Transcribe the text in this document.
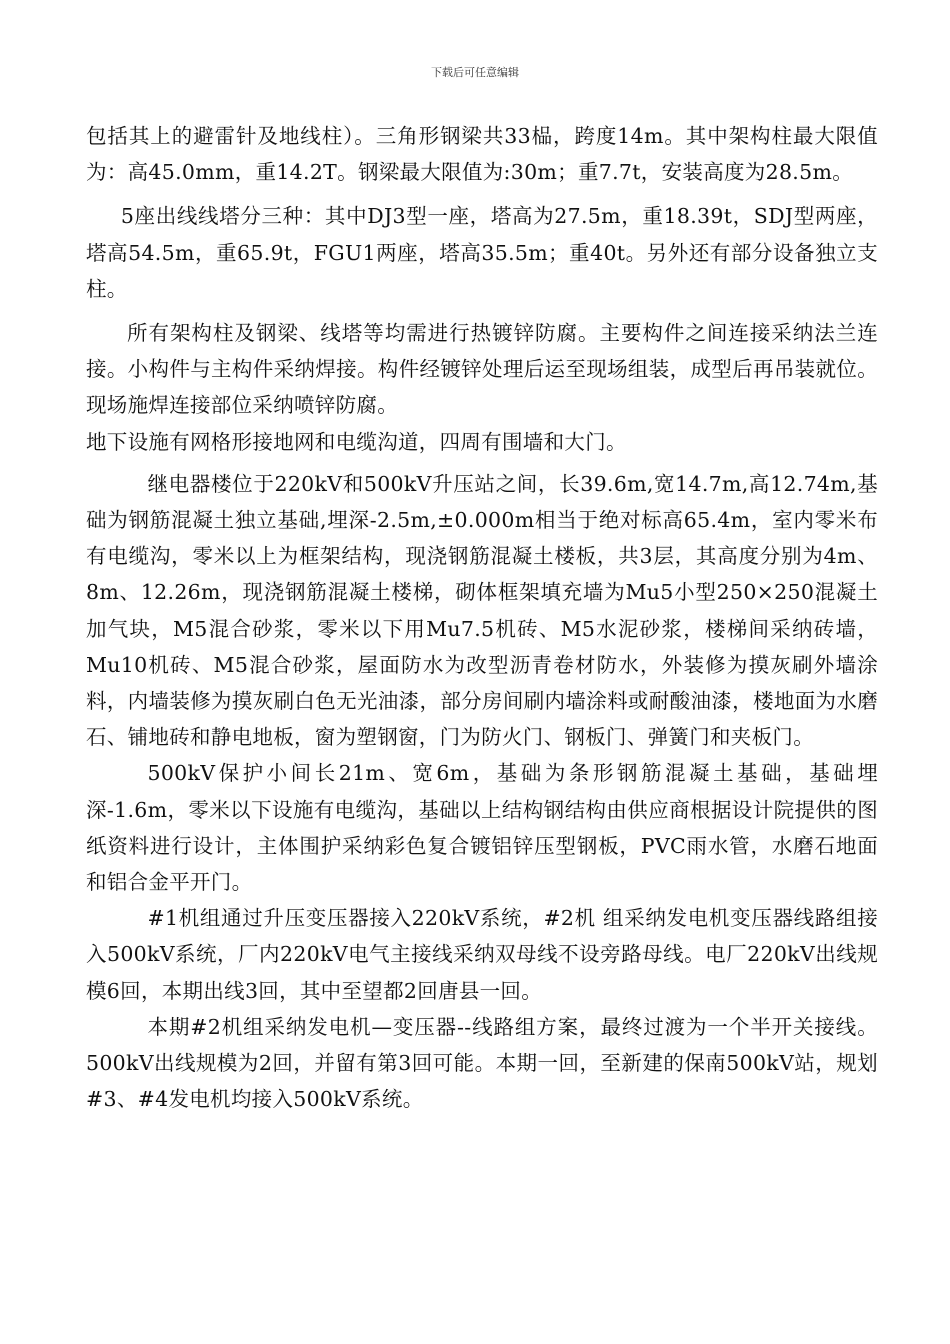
下载后可任意编辑

包括其上的避雷针及地线柱）。三角形钢梁共33榀，跨度14m。其中架构柱最大限值为：高45.0mm，重14.2T。钢梁最大限值为:30m；重7.7t，安装高度为28.5m。

5座出线线塔分三种：其中DJ3型一座，塔高为27.5m，重18.39t，SDJ型两座，塔高54.5m，重65.9t，FGU1两座，塔高35.5m；重40t。另外还有部分设备独立支柱。

所有架构柱及钢梁、线塔等均需进行热镀锌防腐。主要构件之间连接采纳法兰连接。小构件与主构件采纳焊接。构件经镀锌处理后运至现场组装，成型后再吊装就位。现场施焊连接部位采纳喷锌防腐。

地下设施有网格形接地网和电缆沟道，四周有围墙和大门。

继电器楼位于220kV和500kV升压站之间，长39.6m,宽14.7m,高12.74m,基础为钢筋混凝土独立基础,埋深-2.5m,±0.000m相当于绝对标高65.4m，室内零米布有电缆沟，零米以上为框架结构，现浇钢筋混凝土楼板，共3层，其高度分别为4m、8m、12.26m，现浇钢筋混凝土楼梯，砌体框架填充墙为Mu5小型250×250混凝土加气块，M5混合砂浆，零米以下用Mu7.5机砖、M5水泥砂浆，楼梯间采纳砖墙，Mu10机砖、M5混合砂浆，屋面防水为改型沥青卷材防水，外装修为摸灰刷外墙涂料，内墙装修为摸灰刷白色无光油漆，部分房间刷内墙涂料或耐酸油漆，楼地面为水磨石、铺地砖和静电地板，窗为塑钢窗，门为防火门、钢板门、弹簧门和夹板门。

500kV保护小间长21m、宽6m，基础为条形钢筋混凝土基础，基础埋深-1.6m，零米以下设施有电缆沟，基础以上结构钢结构由供应商根据设计院提供的图纸资料进行设计，主体围护采纳彩色复合镀铝锌压型钢板，PVC雨水管，水磨石地面和铝合金平开门。

#1机组通过升压变压器接入220kV系统，#2机 组采纳发电机变压器线路组接入500kV系统，厂内220kV电气主接线采纳双母线不设旁路母线。电厂220kV出线规模6回，本期出线3回，其中至望都2回唐县一回。

本期#2机组采纳发电机—变压器--线路组方案，最终过渡为一个半开关接线。500kV出线规模为2回，并留有第3回可能。本期一回，至新建的保南500kV站，规划#3、#4发电机均接入500kV系统。
